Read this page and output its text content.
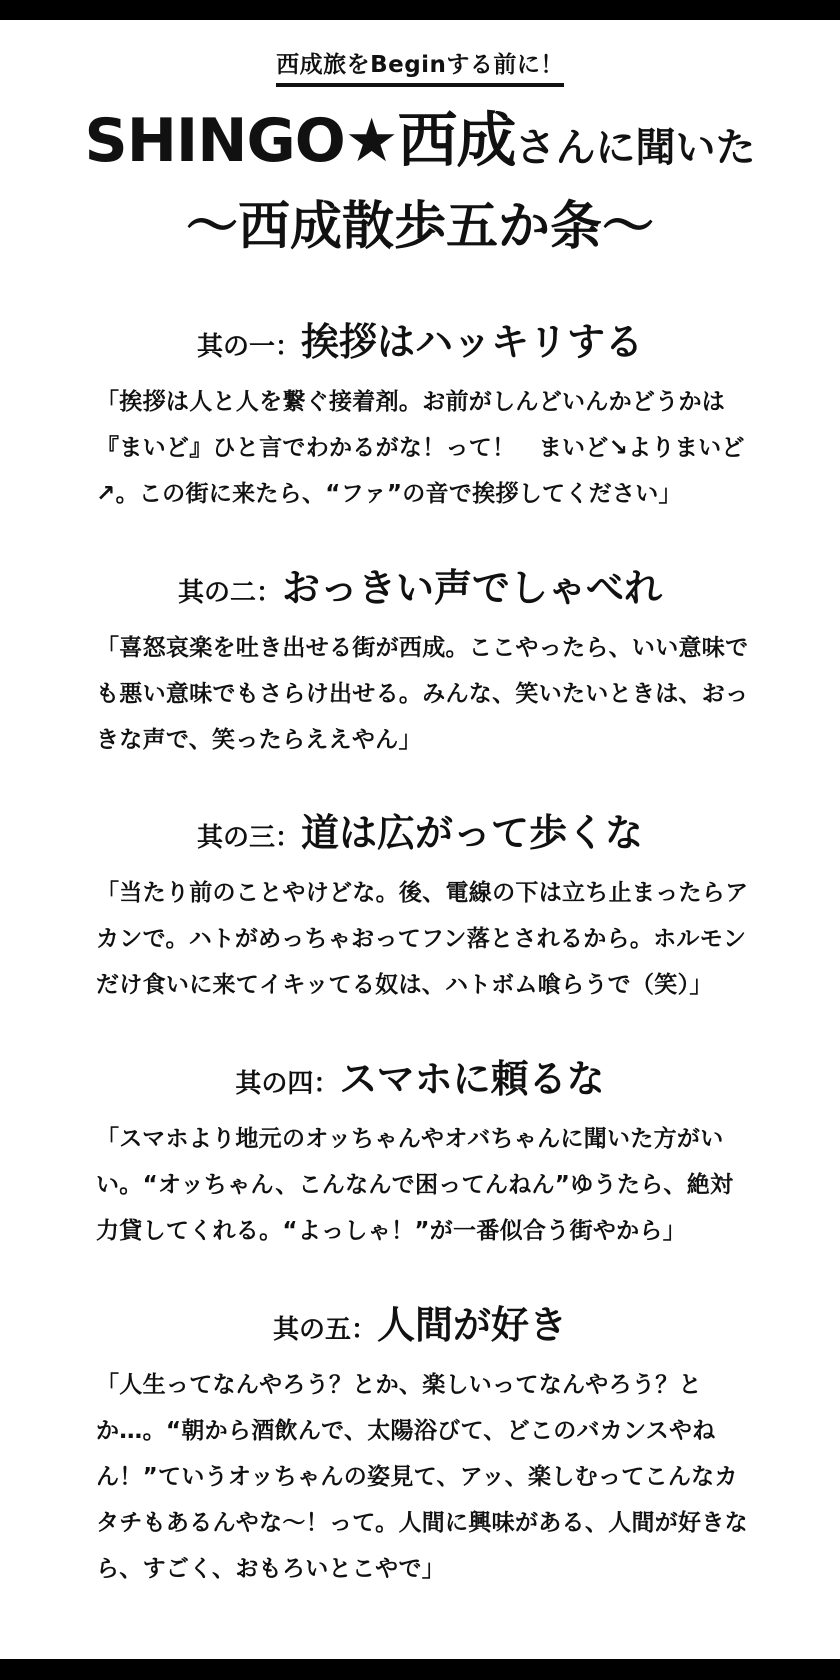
西成旅をBeginする前に！
SHINGO★西成さんに聞いた
〜西成散歩五か条〜
其の一：挨拶はハッキリする
「挨拶は人と人を繋ぐ接着剤。お前がしんどいんかどうかは『まいど』ひと言でわかるがな！って！　まいど↘よりまいど↗。この街に来たら、“ファ”の音で挨拶してください」
其の二：おっきい声でしゃべれ
「喜怒哀楽を吐き出せる街が西成。ここやったら、いい意味でも悪い意味でもさらけ出せる。みんな、笑いたいときは、おっきな声で、笑ったらええやん」
其の三：道は広がって歩くな
「当たり前のことやけどな。後、電線の下は立ち止まったらアカンで。ハトがめっちゃおってフン落とされるから。ホルモンだけ食いに来てイキッてる奴は、ハトボム喰らうで（笑）」
其の四：スマホに頼るな
「スマホより地元のオッちゃんやオバちゃんに聞いた方がいい。“オッちゃん、こんなんで困ってんねん”ゆうたら、絶対力貸してくれる。“よっしゃ！”が一番似合う街やから」
其の五：人間が好き
「人生ってなんやろう？とか、楽しいってなんやろう？とか…。“朝から酒飲んで、太陽浴びて、どこのバカンスやねん！”ていうオッちゃんの姿見て、アッ、楽しむってこんなカタチもあるんやな〜！って。人間に興味がある、人間が好きなら、すごく、おもろいとこやで」
